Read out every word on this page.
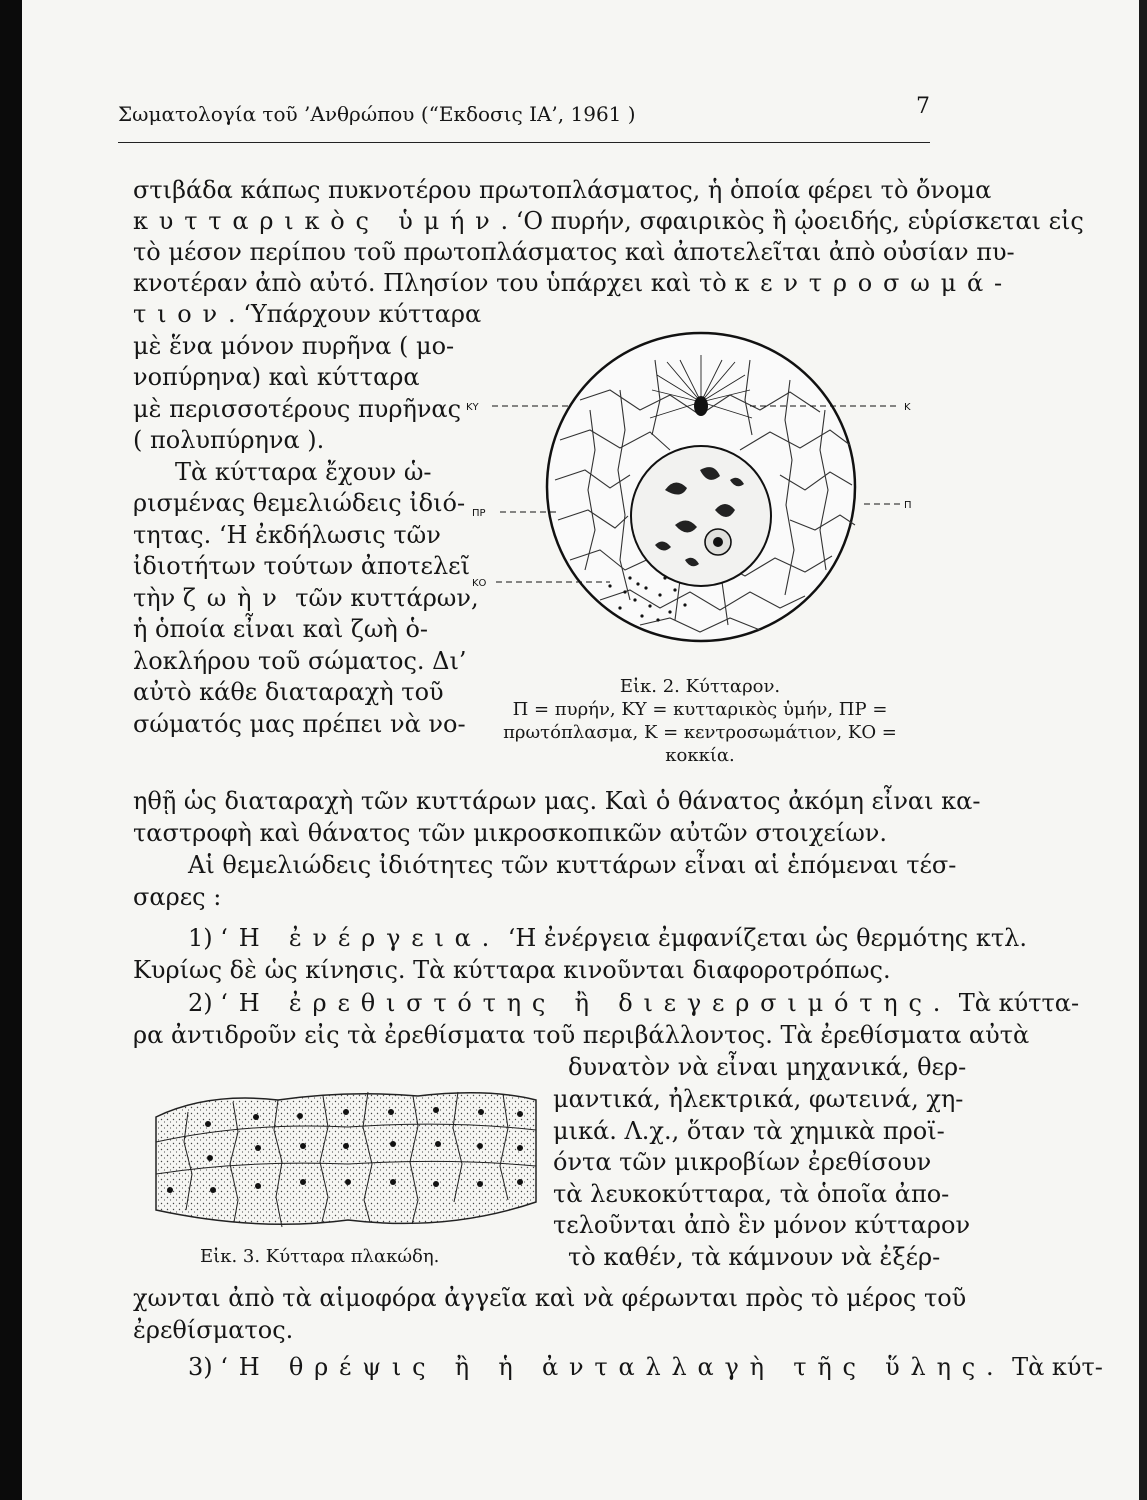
Σωματολογία τοῦ ’Ανθρώπου (“Εκδοσις ΙΑ’, 1961 )	7
στιβάδα κάπως πυκνοτέρου πρωτοπλάσματος, ἡ ὁποία φέρει τὸ ὄνομα
κυτταρικὸς ὑμήν. ‘Ο πυρήν, σφαιρικὸς ἢ ᾠοειδής, εὑρίσκεται εἰς
τὸ μέσον περίπου τοῦ πρωτοπλάσματος καὶ ἀποτελεῖται ἀπὸ οὐσίαν πυ-
κνοτέραν ἀπὸ αὐτό. Πλησίον του ὑπάρχει καὶ τὸ κεντροσωμά-
τιον. ‘Υπάρχουν κύτταρα
μὲ ἕνα μόνον πυρῆνα ( μο-
νοπύρηνα) καὶ κύτταρα
μὲ περισσοτέρους πυρῆνας
( πολυπύρηνα ).
Τὰ κύτταρα ἔχουν ὡ-
ρισμένας θεμελιώδεις ἰδιό-
τητας. ‘Η ἐκδήλωσις τῶν
ἰδιοτήτων τούτων ἀποτελεῖ
τὴν ζωὴν τῶν κυττάρων,
ἡ ὁποία εἶναι καὶ ζωὴ ὁ-
λοκλήρου τοῦ σώματος. Δι’
αὐτὸ κάθε διαταραχὴ τοῦ
σώματός μας πρέπει νὰ νο-
ΚΥ	Κ
ΠΡ
Π
ΚΟ
Εἰκ. 2. Κύτταρον.
Π = πυρήν, ΚΥ = κυτταρικὸς ὑμήν, ΠΡ =
πρωτόπλασμα, Κ = κεντροσωμάτιον, ΚΟ =
κοκκία.
ηθῇ ὡς διαταραχὴ τῶν κυττάρων μας. Καὶ ὁ θάνατος ἀκόμη εἶναι κα-
ταστροφὴ καὶ θάνατος τῶν μικροσκοπικῶν αὐτῶν στοιχείων.
Αἱ θεμελιώδεις ἰδιότητες τῶν κυττάρων εἶναι αἱ ἑπόμεναι τέσ-
σαρες :
1) ‘Η ἐνέργεια. ‘Η ἐνέργεια ἐμφανίζεται ὡς θερμότης κτλ.
Κυρίως δὲ ὡς κίνησις. Τὰ κύτταρα κινοῦνται διαφοροτρόπως.
2) ‘Η ἐρεθιστότης ἢ διεγερσιμότης. Τὰ κύττα-
ρα ἀντιδροῦν εἰς τὰ ἐρεθίσματα τοῦ περιβάλλοντος. Τὰ ἐρεθίσματα αὐτὰ
Εἰκ. 3. Κύτταρα πλακώδη.
δυνατὸν νὰ εἶναι μηχανικά, θερ-
μαντικά, ἠλεκτρικά, φωτεινά, χη-
μικά. Λ.χ., ὅταν τὰ χημικὰ προϊ-
όντα τῶν μικροβίων ἐρεθίσουν
τὰ λευκοκύτταρα, τὰ ὁποῖα ἀπο-
τελοῦνται ἀπὸ ἓν μόνον κύτταρον
τὸ καθέν, τὰ κάμνουν νὰ ἐξέρ-
χωνται ἀπὸ τὰ αἱμοφόρα ἀγγεῖα καὶ νὰ φέρωνται πρὸς τὸ μέρος τοῦ
ἐρεθίσματος.
3) ‘Η θρέψις ἢ ἡ ἀνταλλαγὴ τῆς ὕλης. Τὰ κύτ-
